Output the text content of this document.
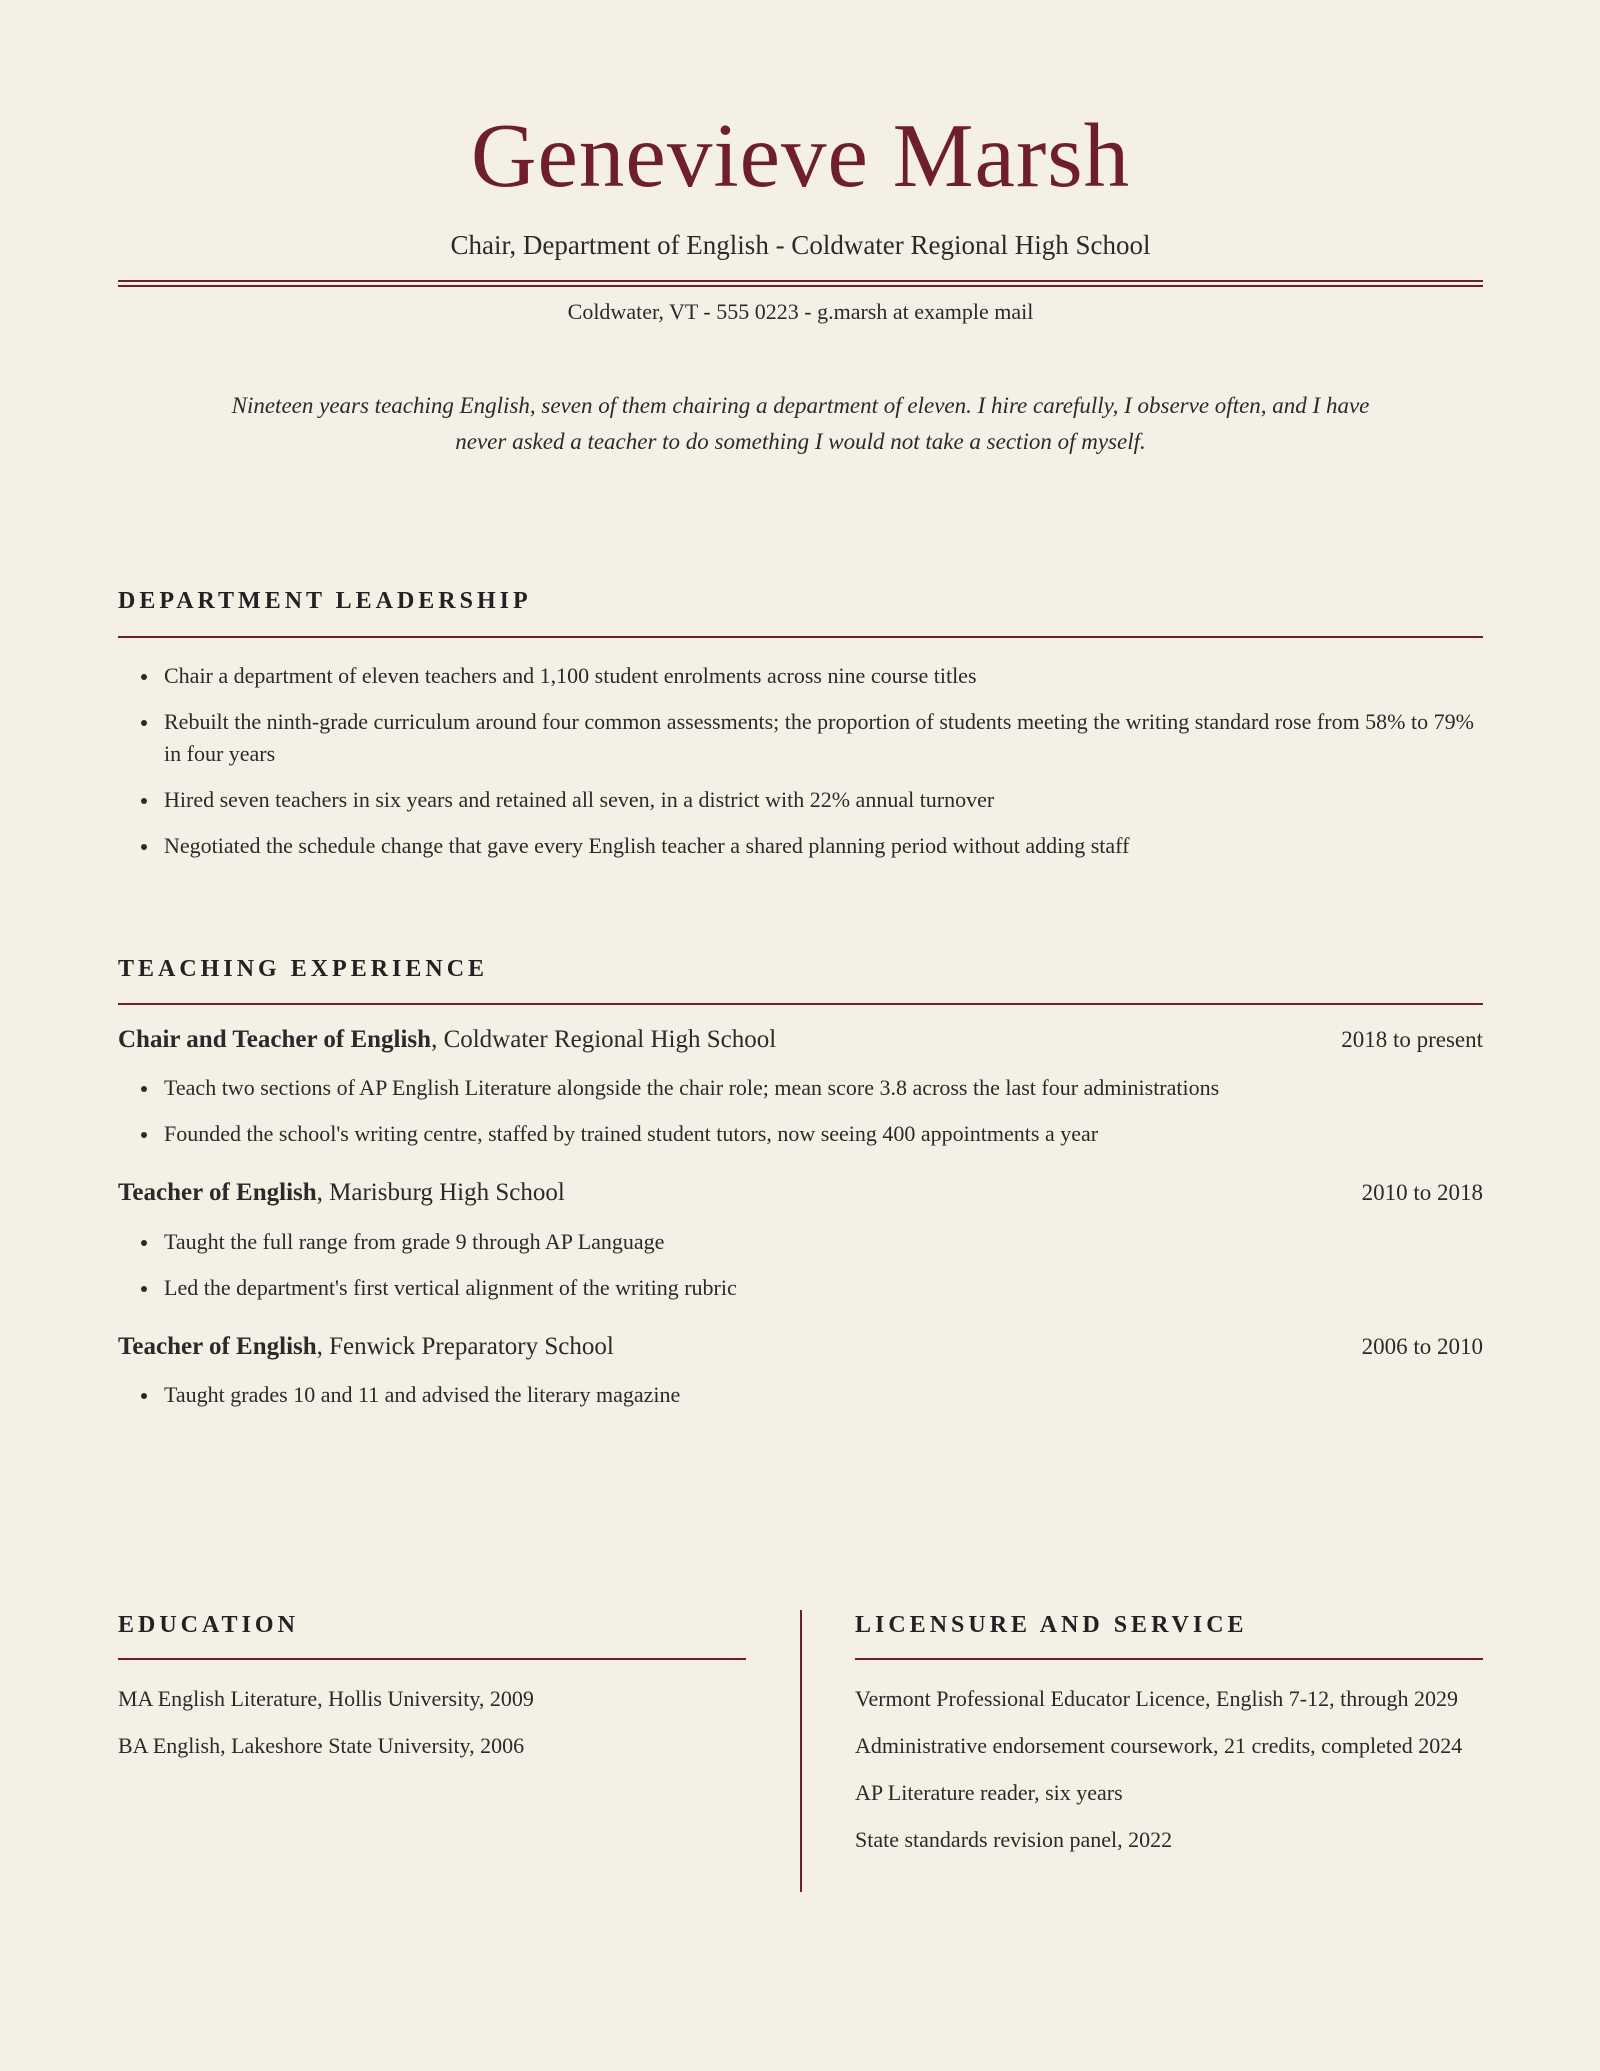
Genevieve Marsh
Chair, Department of English - Coldwater Regional High School
Coldwater, VT - 555 0223 - g.marsh at example mail
Nineteen years teaching English, seven of them chairing a department of eleven. I hire carefully, I observe often, and I have never asked a teacher to do something I would not take a section of myself.
DEPARTMENT LEADERSHIP
Chair a department of eleven teachers and 1,100 student enrolments across nine course titles
Rebuilt the ninth-grade curriculum around four common assessments; the proportion of students meeting the writing standard rose from 58% to 79% in four years
Hired seven teachers in six years and retained all seven, in a district with 22% annual turnover
Negotiated the schedule change that gave every English teacher a shared planning period without adding staff
TEACHING EXPERIENCE
Chair and Teacher of English, Coldwater Regional High School	2018 to present
Teach two sections of AP English Literature alongside the chair role; mean score 3.8 across the last four administrations
Founded the school's writing centre, staffed by trained student tutors, now seeing 400 appointments a year
Teacher of English, Marisburg High School	2010 to 2018
Taught the full range from grade 9 through AP Language
Led the department's first vertical alignment of the writing rubric
Teacher of English, Fenwick Preparatory School	2006 to 2010
Taught grades 10 and 11 and advised the literary magazine
EDUCATION
MA English Literature, Hollis University, 2009
BA English, Lakeshore State University, 2006
LICENSURE AND SERVICE
Vermont Professional Educator Licence, English 7-12, through 2029
Administrative endorsement coursework, 21 credits, completed 2024
AP Literature reader, six years
State standards revision panel, 2022
